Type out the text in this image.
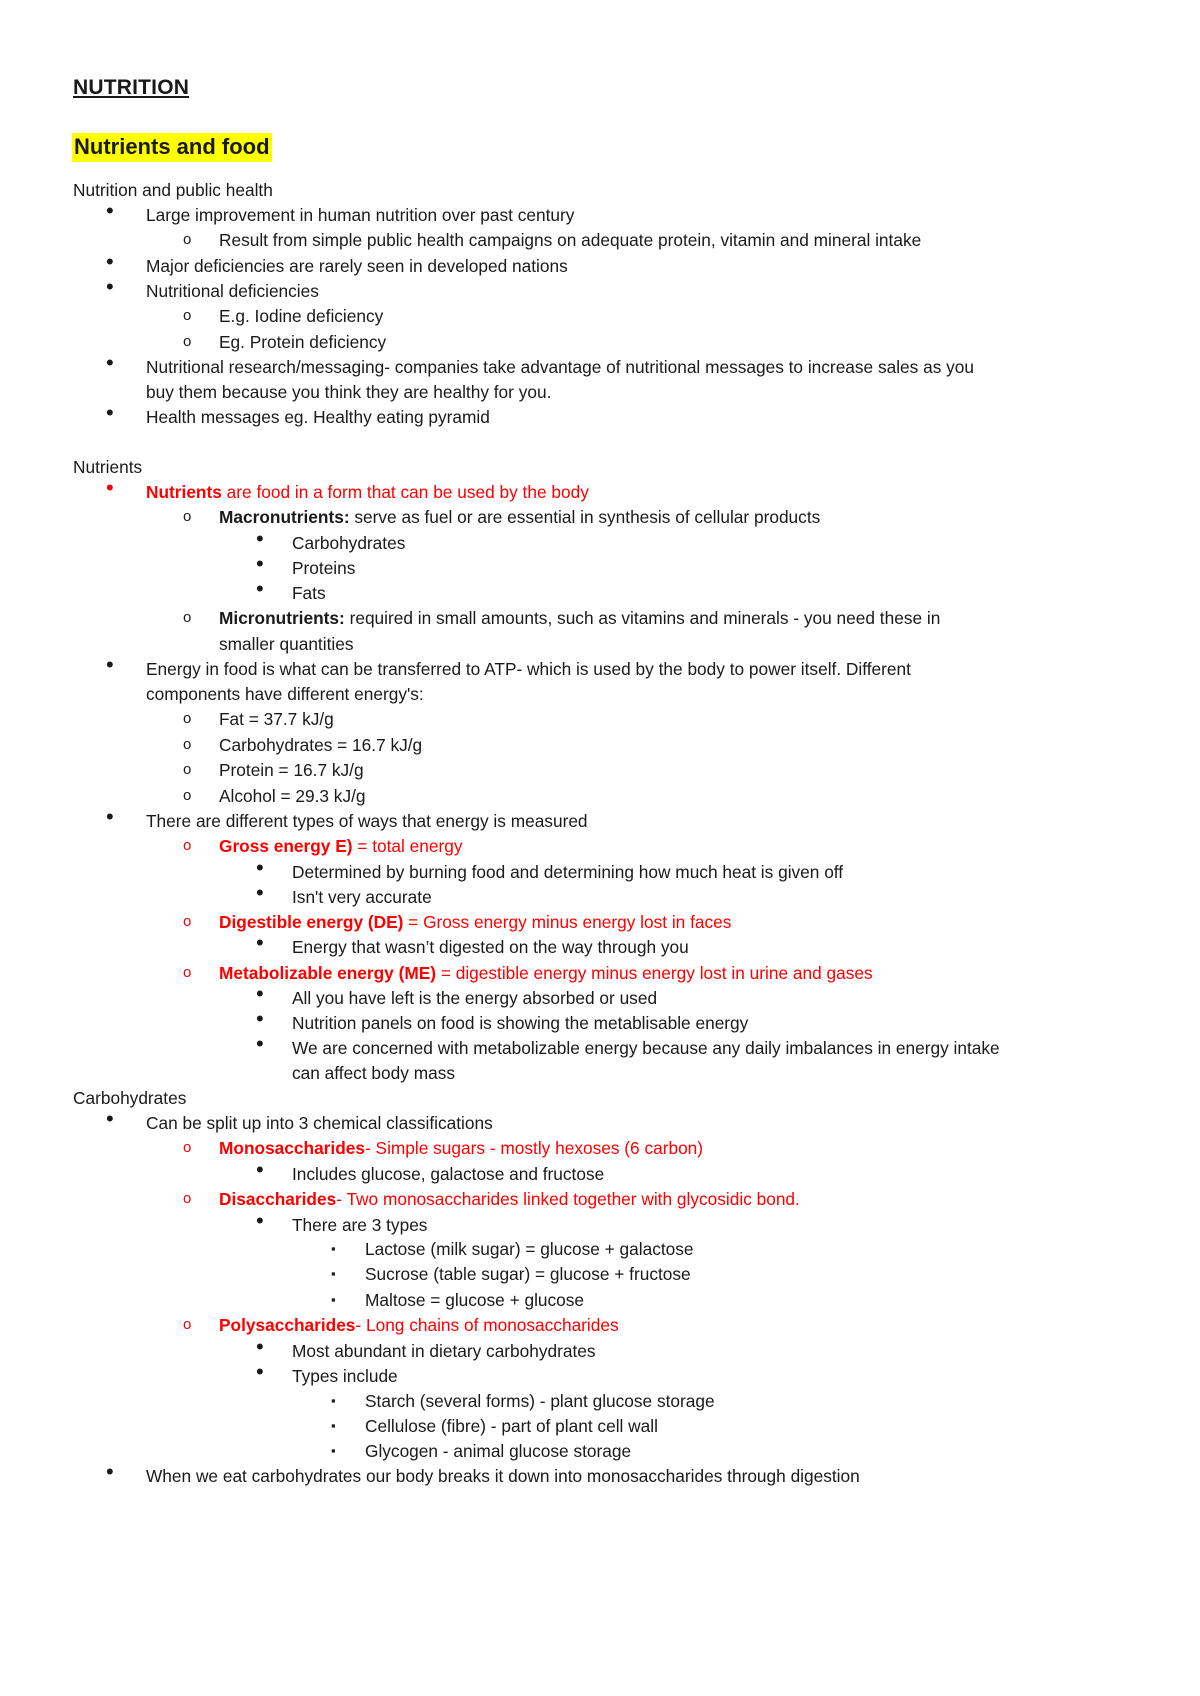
NUTRITION
Nutrients and food
Nutrition and public health
• Large improvement in human nutrition over past century
o Result from simple public health campaigns on adequate protein, vitamin and mineral intake
• Major deficiencies are rarely seen in developed nations
• Nutritional deficiencies
o E.g. Iodine deficiency
o Eg. Protein deficiency
• Nutritional research/messaging- companies take advantage of nutritional messages to increase sales as you
buy them because you think they are healthy for you.
• Health messages eg. Healthy eating pyramid
Nutrients
• Nutrients are food in a form that can be used by the body
o Macronutrients: serve as fuel or are essential in synthesis of cellular products
• Carbohydrates
• Proteins
• Fats
o Micronutrients: required in small amounts, such as vitamins and minerals - you need these in
smaller quantities
• Energy in food is what can be transferred to ATP- which is used by the body to power itself. Different
components have different energy's:
o Fat = 37.7 kJ/g
o Carbohydrates = 16.7 kJ/g
o Protein = 16.7 kJ/g
o Alcohol = 29.3 kJ/g
• There are different types of ways that energy is measured
o Gross energy E) = total energy
• Determined by burning food and determining how much heat is given off
• Isn't very accurate
o Digestible energy (DE) = Gross energy minus energy lost in faces
• Energy that wasn’t digested on the way through you
o Metabolizable energy (ME) = digestible energy minus energy lost in urine and gases
• All you have left is the energy absorbed or used
• Nutrition panels on food is showing the metablisable energy
• We are concerned with metabolizable energy because any daily imbalances in energy intake
can affect body mass
Carbohydrates
• Can be split up into 3 chemical classifications
o Monosaccharides- Simple sugars - mostly hexoses (6 carbon)
• Includes glucose, galactose and fructose
o Disaccharides- Two monosaccharides linked together with glycosidic bond.
• There are 3 types
▪ Lactose (milk sugar) = glucose + galactose
▪ Sucrose (table sugar) = glucose + fructose
▪ Maltose = glucose + glucose
o Polysaccharides- Long chains of monosaccharides
• Most abundant in dietary carbohydrates
• Types include
▪ Starch (several forms) - plant glucose storage
▪ Cellulose (fibre) - part of plant cell wall
▪ Glycogen - animal glucose storage
• When we eat carbohydrates our body breaks it down into monosaccharides through digestion
